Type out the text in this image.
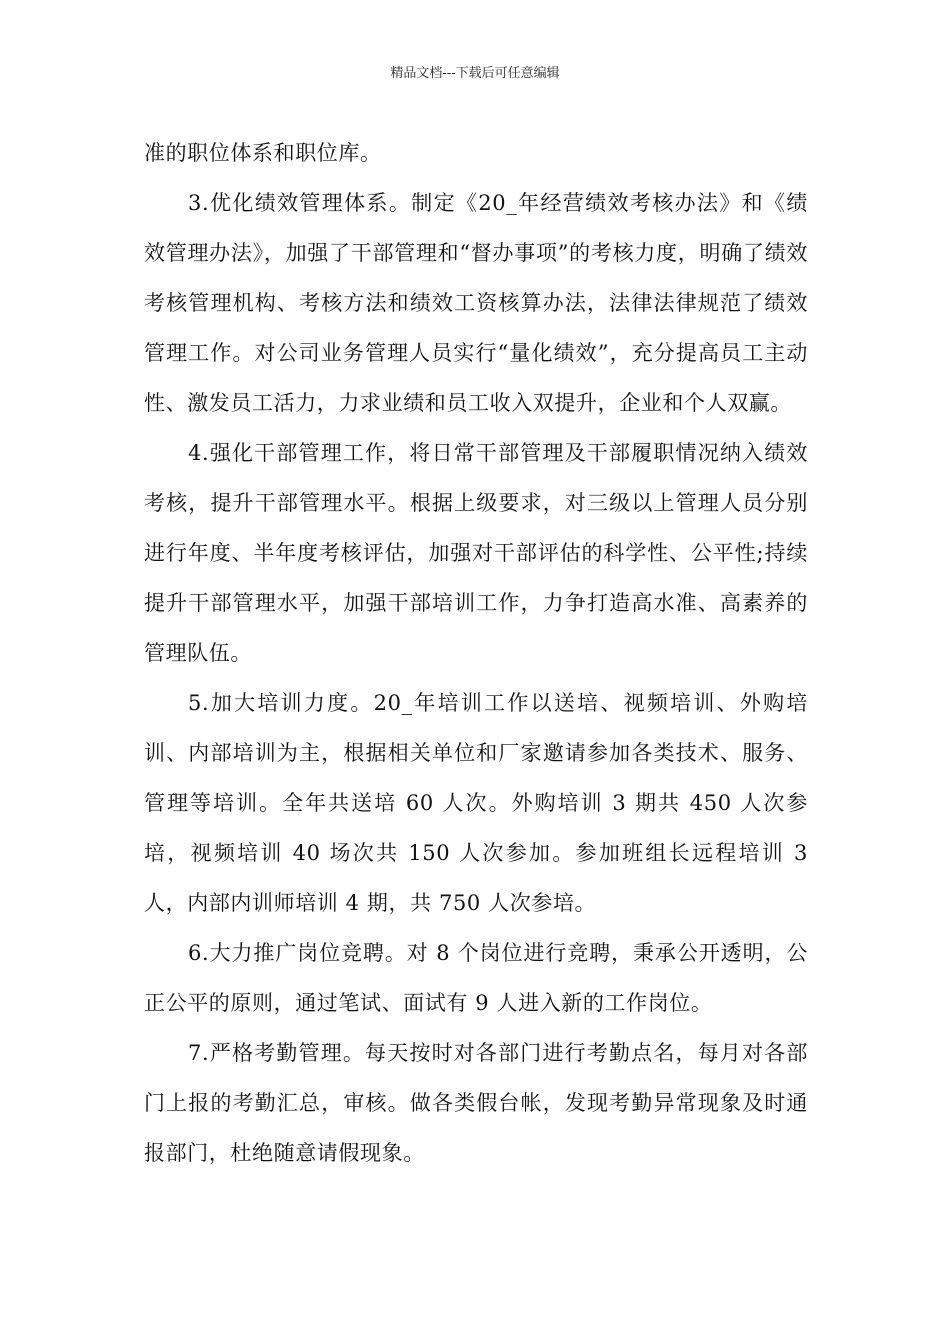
精品文档---下载后可任意编辑

准的职位体系和职位库。

3.优化绩效管理体系。制定《20_年经营绩效考核办法》和《绩效管理办法》，加强了干部管理和“督办事项”的考核力度，明确了绩效考核管理机构、考核方法和绩效工资核算办法，法律法律规范了绩效管理工作。对公司业务管理人员实行“量化绩效”，充分提高员工主动性、激发员工活力，力求业绩和员工收入双提升，企业和个人双赢。

4.强化干部管理工作，将日常干部管理及干部履职情况纳入绩效考核，提升干部管理水平。根据上级要求，对三级以上管理人员分别进行年度、半年度考核评估，加强对干部评估的科学性、公平性;持续提升干部管理水平，加强干部培训工作，力争打造高水准、高素养的管理队伍。

5.加大培训力度。20_年培训工作以送培、视频培训、外购培训、内部培训为主，根据相关单位和厂家邀请参加各类技术、服务、管理等培训。全年共送培 60 人次。外购培训 3 期共 450 人次参培，视频培训 40 场次共 150 人次参加。参加班组长远程培训 3 人，内部内训师培训 4 期，共 750 人次参培。

6.大力推广岗位竞聘。对 8 个岗位进行竞聘，秉承公开透明，公正公平的原则，通过笔试、面试有 9 人进入新的工作岗位。

7.严格考勤管理。每天按时对各部门进行考勤点名，每月对各部门上报的考勤汇总，审核。做各类假台帐，发现考勤异常现象及时通报部门，杜绝随意请假现象。
